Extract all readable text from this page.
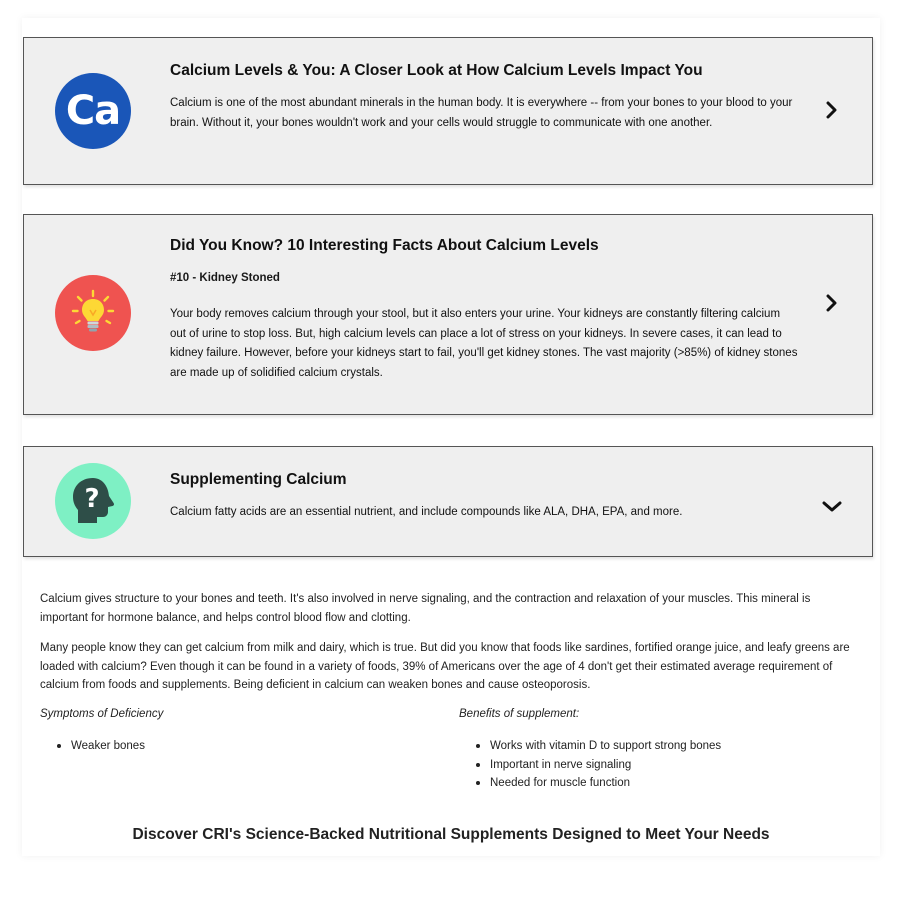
Ca
Calcium Levels & You: A Closer Look at How Calcium Levels Impact You

Calcium is one of the most abundant minerals in the human body. It is everywhere -- from your bones to your blood to your brain. Without it, your bones wouldn't work and your cells would struggle to communicate with one another.

Did You Know? 10 Interesting Facts About Calcium Levels

#10 - Kidney Stoned

Your body removes calcium through your stool, but it also enters your urine. Your kidneys are constantly filtering calcium out of urine to stop loss. But, high calcium levels can place a lot of stress on your kidneys. In severe cases, it can lead to kidney failure. However, before your kidneys start to fail, you'll get kidney stones. The vast majority (>85%) of kidney stones are made up of solidified calcium crystals.

?
Supplementing Calcium

Calcium fatty acids are an essential nutrient, and include compounds like ALA, DHA, EPA, and more.

Calcium gives structure to your bones and teeth. It's also involved in nerve signaling, and the contraction and relaxation of your muscles. This mineral is important for hormone balance, and helps control blood flow and clotting.

Many people know they can get calcium from milk and dairy, which is true. But did you know that foods like sardines, fortified orange juice, and leafy greens are loaded with calcium? Even though it can be found in a variety of foods, 39% of Americans over the age of 4 don't get their estimated average requirement of calcium from foods and supplements. Being deficient in calcium can weaken bones and cause osteoporosis.

Symptoms of Deficiency	Benefits of supplement:

Weaker bones	Works with vitamin D to support strong bones
Important in nerve signaling
Needed for muscle function
Discover CRI's Science-Backed Nutritional Supplements Designed to Meet Your Needs
